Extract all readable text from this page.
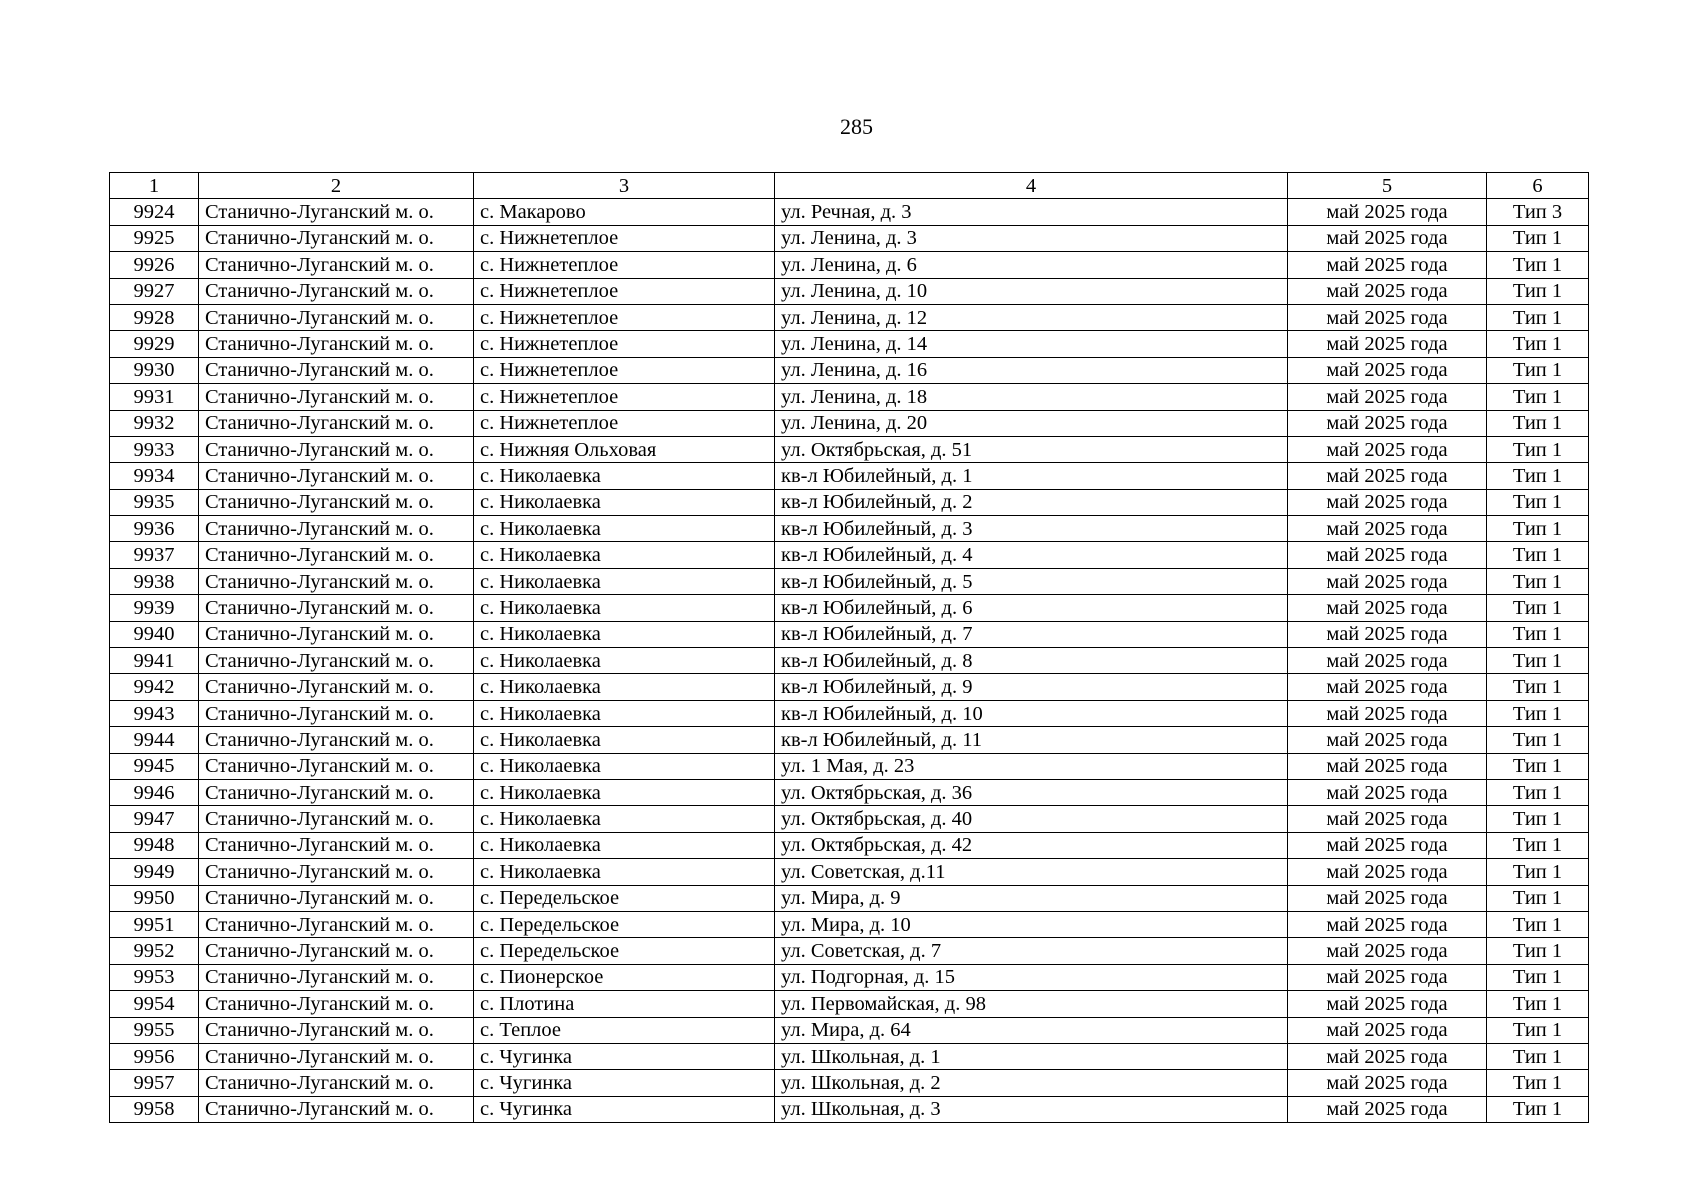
285
1	2	3	4	5	6
9924	Станично-Луганский м. о.	с. Макарово	ул. Речная, д. 3	май 2025 года	Тип 3
9925	Станично-Луганский м. о.	с. Нижнетеплое	ул. Ленина, д. 3	май 2025 года	Тип 1
9926	Станично-Луганский м. о.	с. Нижнетеплое	ул. Ленина, д. 6	май 2025 года	Тип 1
9927	Станично-Луганский м. о.	с. Нижнетеплое	ул. Ленина, д. 10	май 2025 года	Тип 1
9928	Станично-Луганский м. о.	с. Нижнетеплое	ул. Ленина, д. 12	май 2025 года	Тип 1
9929	Станично-Луганский м. о.	с. Нижнетеплое	ул. Ленина, д. 14	май 2025 года	Тип 1
9930	Станично-Луганский м. о.	с. Нижнетеплое	ул. Ленина, д. 16	май 2025 года	Тип 1
9931	Станично-Луганский м. о.	с. Нижнетеплое	ул. Ленина, д. 18	май 2025 года	Тип 1
9932	Станично-Луганский м. о.	с. Нижнетеплое	ул. Ленина, д. 20	май 2025 года	Тип 1
9933	Станично-Луганский м. о.	с. Нижняя Ольховая	ул. Октябрьская, д. 51	май 2025 года	Тип 1
9934	Станично-Луганский м. о.	с. Николаевка	кв-л Юбилейный, д. 1	май 2025 года	Тип 1
9935	Станично-Луганский м. о.	с. Николаевка	кв-л Юбилейный, д. 2	май 2025 года	Тип 1
9936	Станично-Луганский м. о.	с. Николаевка	кв-л Юбилейный, д. 3	май 2025 года	Тип 1
9937	Станично-Луганский м. о.	с. Николаевка	кв-л Юбилейный, д. 4	май 2025 года	Тип 1
9938	Станично-Луганский м. о.	с. Николаевка	кв-л Юбилейный, д. 5	май 2025 года	Тип 1
9939	Станично-Луганский м. о.	с. Николаевка	кв-л Юбилейный, д. 6	май 2025 года	Тип 1
9940	Станично-Луганский м. о.	с. Николаевка	кв-л Юбилейный, д. 7	май 2025 года	Тип 1
9941	Станично-Луганский м. о.	с. Николаевка	кв-л Юбилейный, д. 8	май 2025 года	Тип 1
9942	Станично-Луганский м. о.	с. Николаевка	кв-л Юбилейный, д. 9	май 2025 года	Тип 1
9943	Станично-Луганский м. о.	с. Николаевка	кв-л Юбилейный, д. 10	май 2025 года	Тип 1
9944	Станично-Луганский м. о.	с. Николаевка	кв-л Юбилейный, д. 11	май 2025 года	Тип 1
9945	Станично-Луганский м. о.	с. Николаевка	ул. 1 Мая, д. 23	май 2025 года	Тип 1
9946	Станично-Луганский м. о.	с. Николаевка	ул. Октябрьская, д. 36	май 2025 года	Тип 1
9947	Станично-Луганский м. о.	с. Николаевка	ул. Октябрьская, д. 40	май 2025 года	Тип 1
9948	Станично-Луганский м. о.	с. Николаевка	ул. Октябрьская, д. 42	май 2025 года	Тип 1
9949	Станично-Луганский м. о.	с. Николаевка	ул. Советская, д.11	май 2025 года	Тип 1
9950	Станично-Луганский м. о.	с. Передельское	ул. Мира, д. 9	май 2025 года	Тип 1
9951	Станично-Луганский м. о.	с. Передельское	ул. Мира, д. 10	май 2025 года	Тип 1
9952	Станично-Луганский м. о.	с. Передельское	ул. Советская, д. 7	май 2025 года	Тип 1
9953	Станично-Луганский м. о.	с. Пионерское	ул. Подгорная, д. 15	май 2025 года	Тип 1
9954	Станично-Луганский м. о.	с. Плотина	ул. Первомайская, д. 98	май 2025 года	Тип 1
9955	Станично-Луганский м. о.	с. Теплое	ул. Мира, д. 64	май 2025 года	Тип 1
9956	Станично-Луганский м. о.	с. Чугинка	ул. Школьная, д. 1	май 2025 года	Тип 1
9957	Станично-Луганский м. о.	с. Чугинка	ул. Школьная, д. 2	май 2025 года	Тип 1
9958	Станично-Луганский м. о.	с. Чугинка	ул. Школьная, д. 3	май 2025 года	Тип 1
